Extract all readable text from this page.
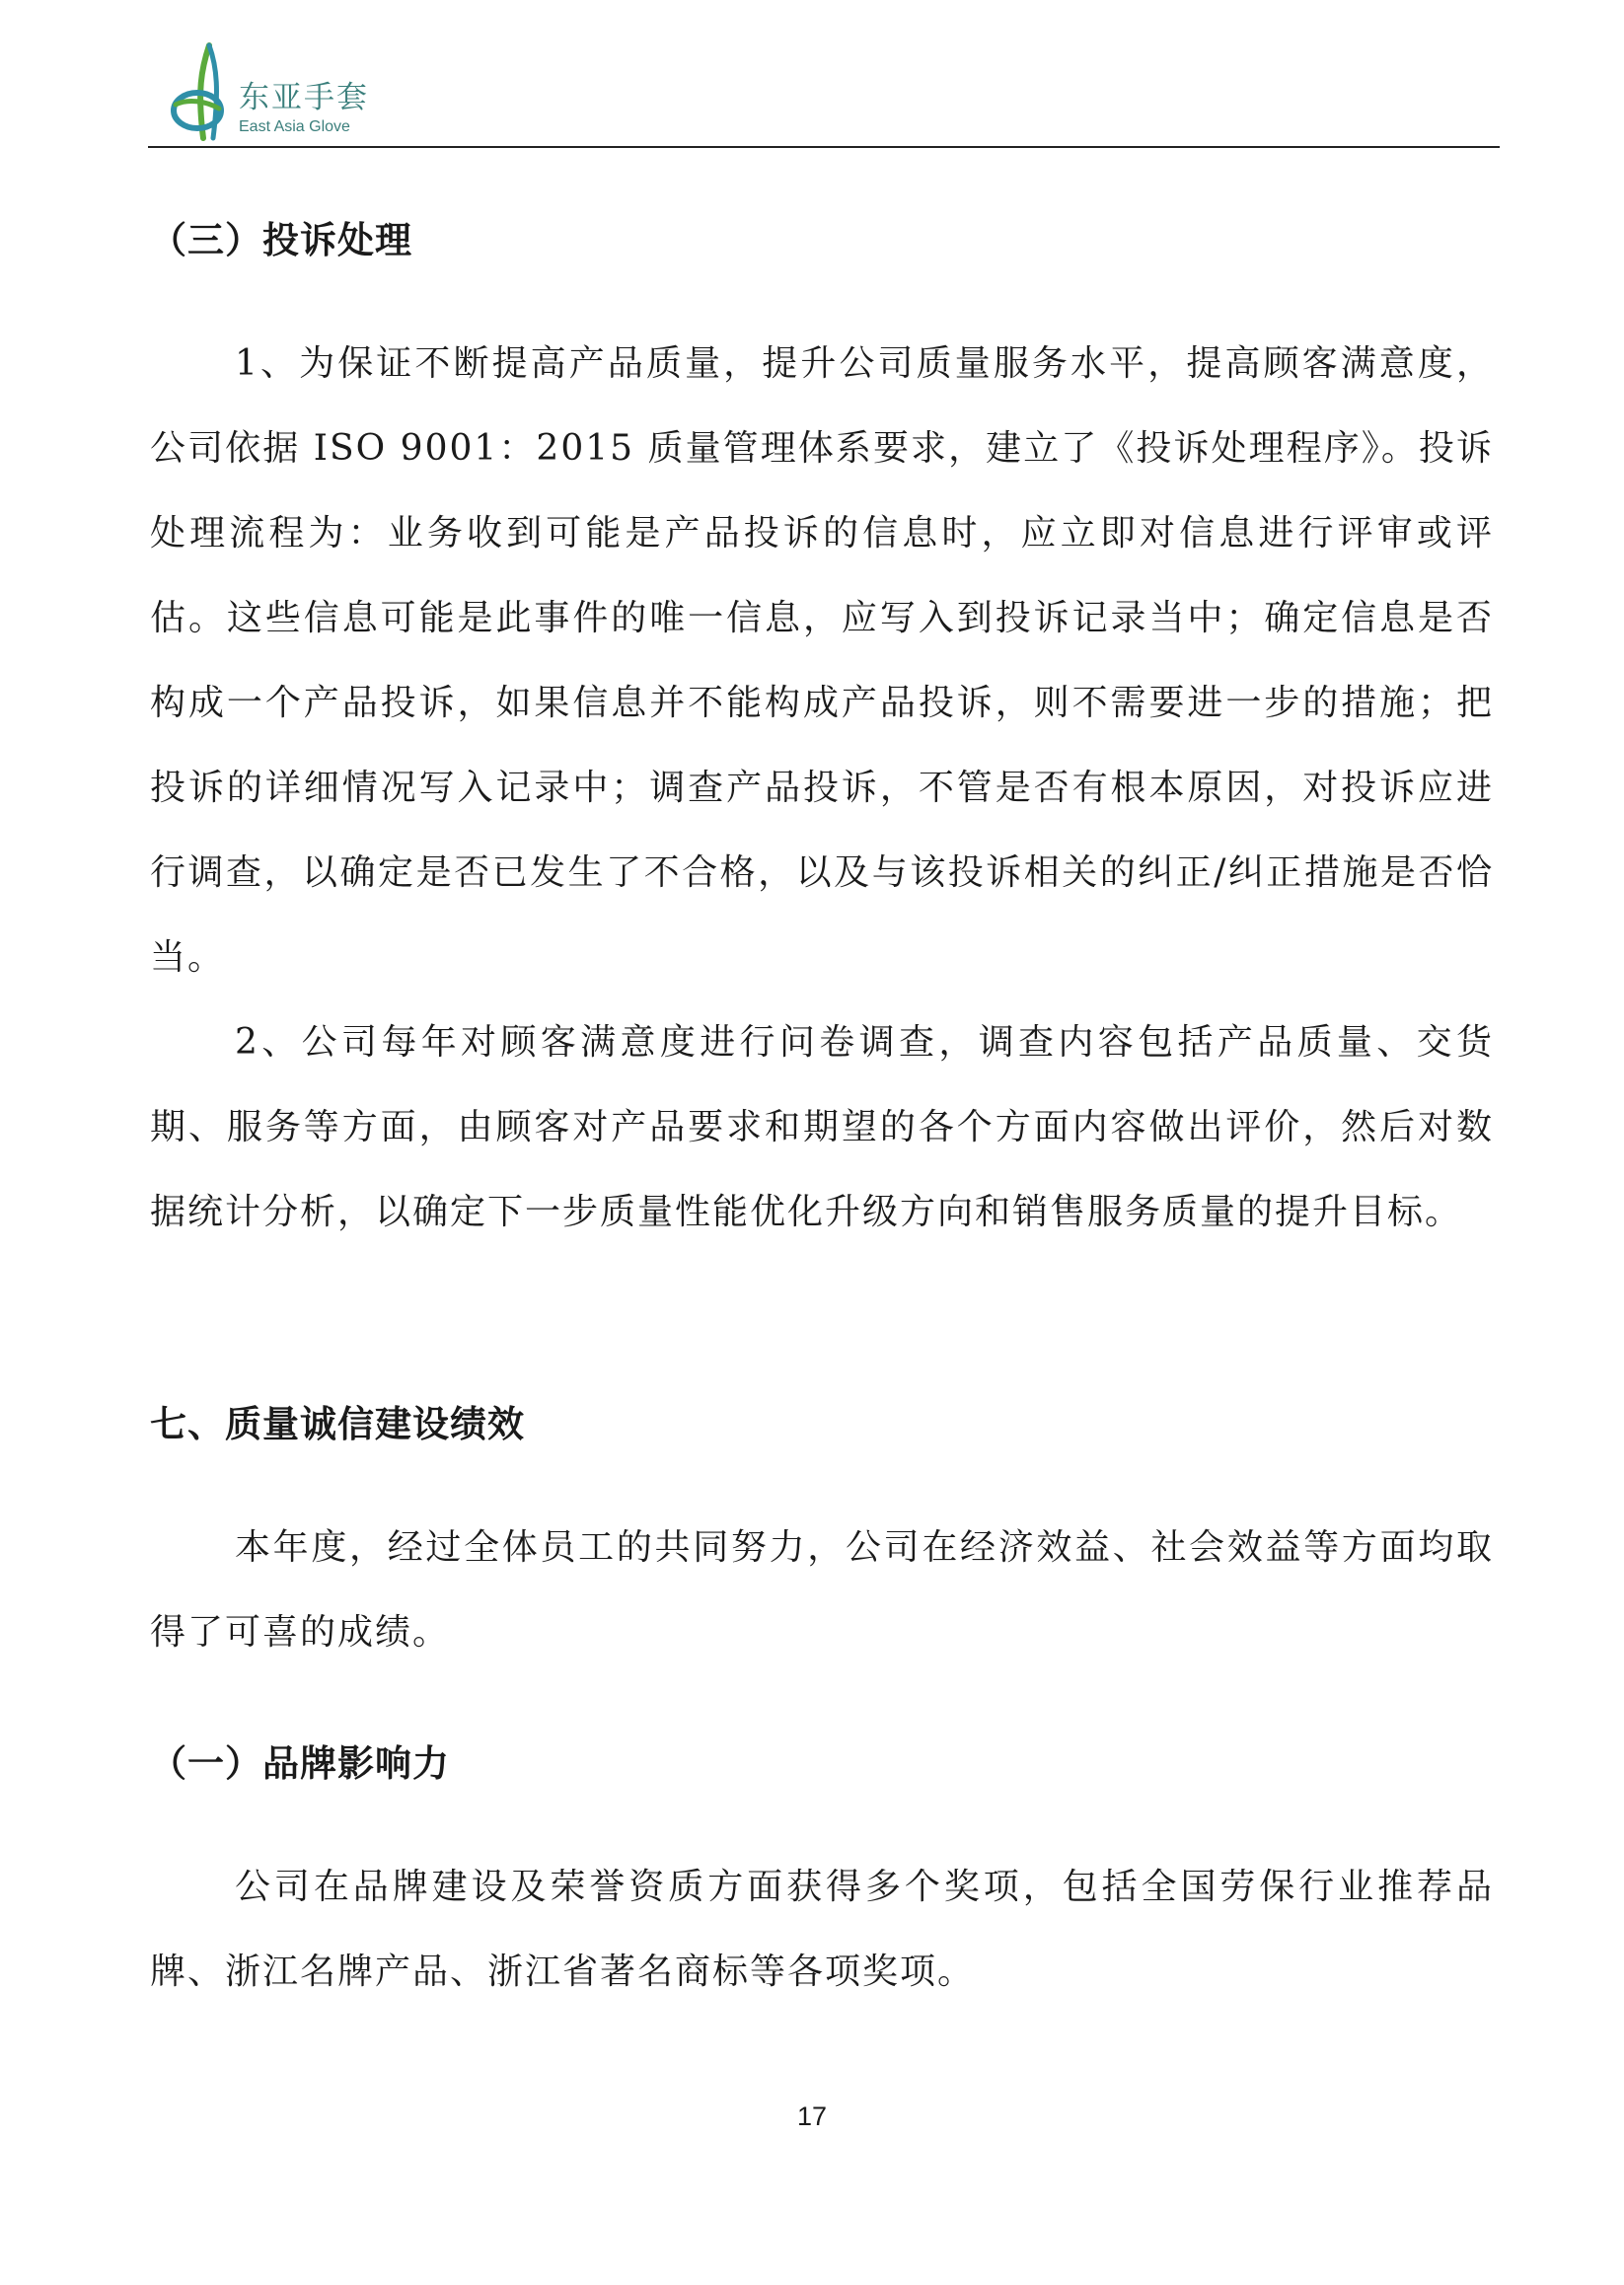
东亚手套
East Asia Glove
（三）投诉处理
1、为保证不断提高产品质量，提升公司质量服务水平，提高顾客满意度，公司依据 ISO 9001：2015 质量管理体系要求，建立了《投诉处理程序》。投诉处理流程为：业务收到可能是产品投诉的信息时，应立即对信息进行评审或评估。这些信息可能是此事件的唯一信息，应写入到投诉记录当中；确定信息是否构成一个产品投诉，如果信息并不能构成产品投诉，则不需要进一步的措施；把投诉的详细情况写入记录中；调查产品投诉，不管是否有根本原因，对投诉应进行调查，以确定是否已发生了不合格，以及与该投诉相关的纠正/纠正措施是否恰当。
2、公司每年对顾客满意度进行问卷调查，调查内容包括产品质量、交货期、服务等方面，由顾客对产品要求和期望的各个方面内容做出评价，然后对数据统计分析，以确定下一步质量性能优化升级方向和销售服务质量的提升目标。
七、质量诚信建设绩效
本年度，经过全体员工的共同努力，公司在经济效益、社会效益等方面均取得了可喜的成绩。
（一）品牌影响力
公司在品牌建设及荣誉资质方面获得多个奖项，包括全国劳保行业推荐品牌、浙江名牌产品、浙江省著名商标等各项奖项。
17
